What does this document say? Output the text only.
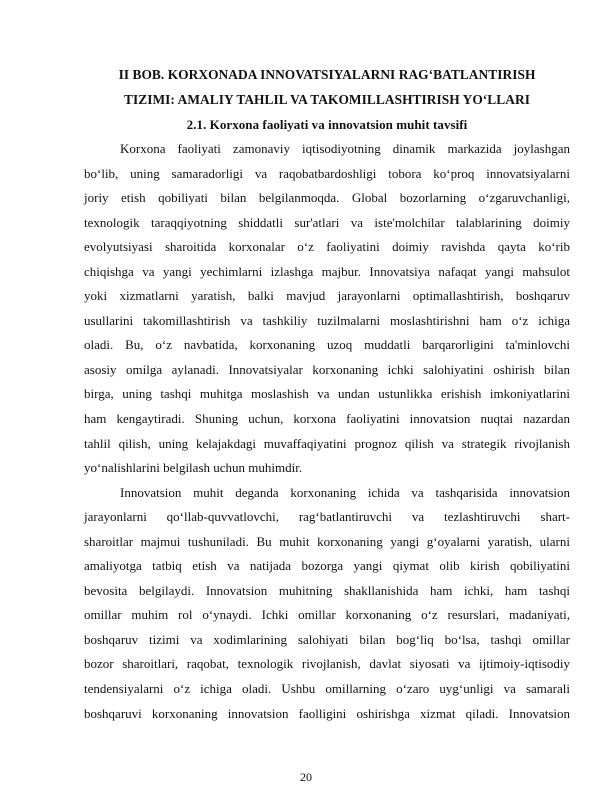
II BOB. KORXONADA INNOVATSIYALARNI RAG‘BATLANTIRISH
TIZIMI: AMALIY TAHLIL VA TAKOMILLASHTIRISH YO‘LLARI
2.1. Korxona faoliyati va innovatsion muhit tavsifi
Korxona faoliyati zamonaviy iqtisodiyotning dinamik markazida joylashgan
bo‘lib, uning samaradorligi va raqobatbardoshligi tobora ko‘proq innovatsiyalarni
joriy etish qobiliyati bilan belgilanmoqda. Global bozorlarning o‘zgaruvchanligi,
texnologik taraqqiyotning shiddatli sur'atlari va iste'molchilar talablarining doimiy
evolyutsiyasi sharoitida korxonalar o‘z faoliyatini doimiy ravishda qayta ko‘rib
chiqishga va yangi yechimlarni izlashga majbur. Innovatsiya nafaqat yangi mahsulot
yoki xizmatlarni yaratish, balki mavjud jarayonlarni optimallashtirish, boshqaruv
usullarini takomillashtirish va tashkiliy tuzilmalarni moslashtirishni ham o‘z ichiga
oladi. Bu, o‘z navbatida, korxonaning uzoq muddatli barqarorligini ta'minlovchi
asosiy omilga aylanadi. Innovatsiyalar korxonaning ichki salohiyatini oshirish bilan
birga, uning tashqi muhitga moslashish va undan ustunlikka erishish imkoniyatlarini
ham kengaytiradi. Shuning uchun, korxona faoliyatini innovatsion nuqtai nazardan
tahlil qilish, uning kelajakdagi muvaffaqiyatini prognoz qilish va strategik rivojlanish
yo‘nalishlarini belgilash uchun muhimdir.
Innovatsion muhit deganda korxonaning ichida va tashqarisida innovatsion
jarayonlarni qo‘llab-quvvatlovchi, rag‘batlantiruvchi va tezlashtiruvchi shart-
sharoitlar majmui tushuniladi. Bu muhit korxonaning yangi g‘oyalarni yaratish, ularni
amaliyotga tatbiq etish va natijada bozorga yangi qiymat olib kirish qobiliyatini
bevosita belgilaydi. Innovatsion muhitning shakllanishida ham ichki, ham tashqi
omillar muhim rol o‘ynaydi. Ichki omillar korxonaning o‘z resurslari, madaniyati,
boshqaruv tizimi va xodimlarining salohiyati bilan bog‘liq bo‘lsa, tashqi omillar
bozor sharoitlari, raqobat, texnologik rivojlanish, davlat siyosati va ijtimoiy-iqtisodiy
tendensiyalarni o‘z ichiga oladi. Ushbu omillarning o‘zaro uyg‘unligi va samarali
boshqaruvi korxonaning innovatsion faolligini oshirishga xizmat qiladi. Innovatsion
20
